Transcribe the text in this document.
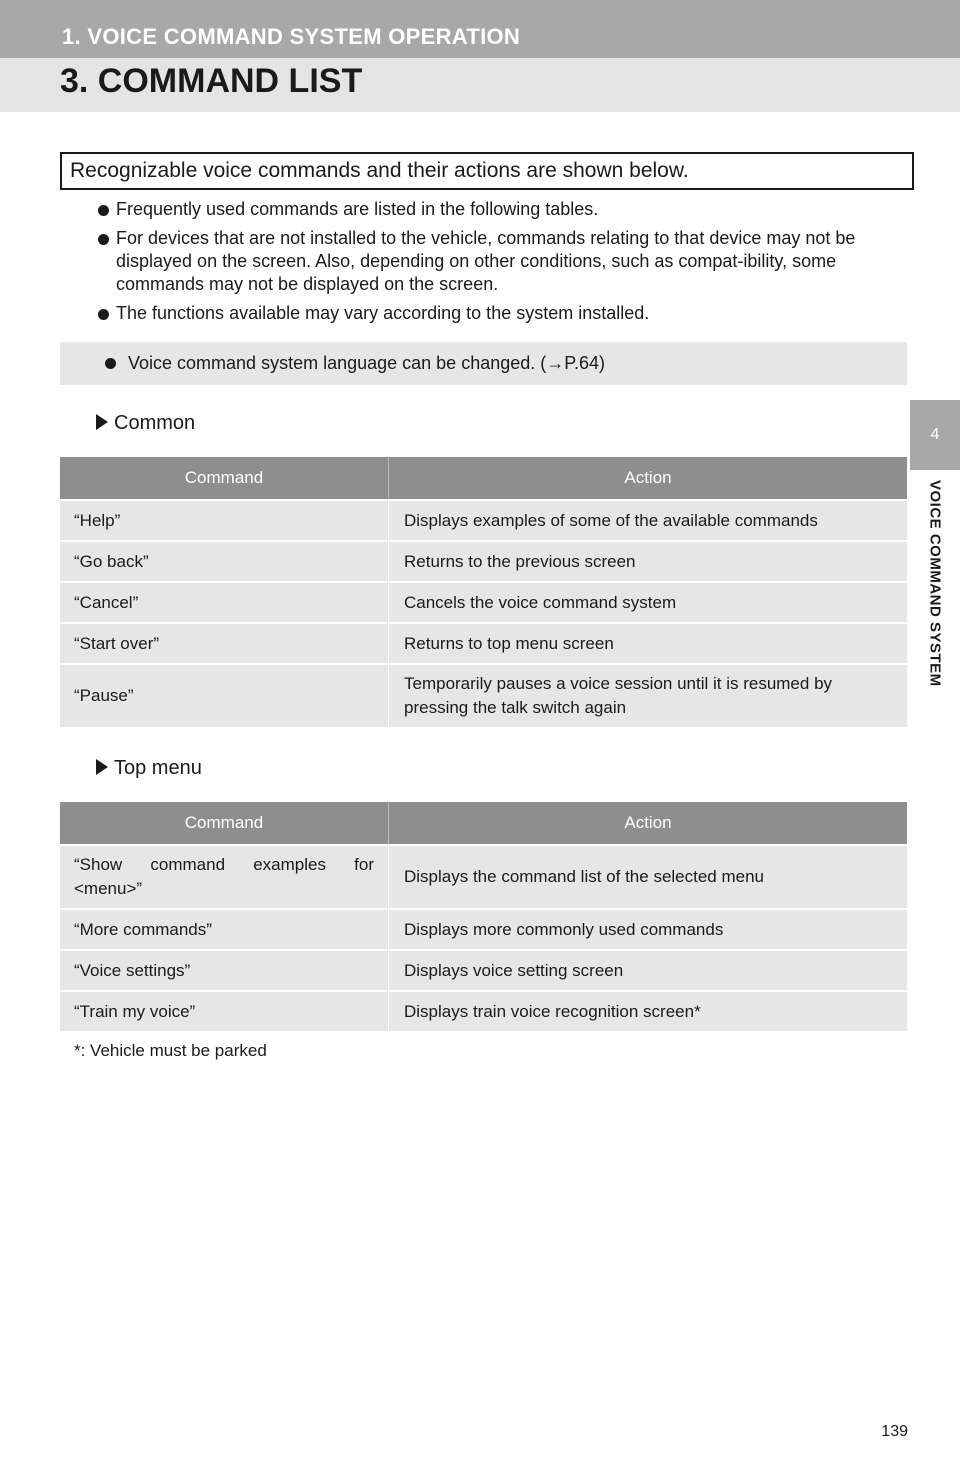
1. VOICE COMMAND SYSTEM OPERATION
3. COMMAND LIST
4
VOICE COMMAND SYSTEM
Recognizable voice commands and their actions are shown below.
Frequently used commands are listed in the following tables.
For devices that are not installed to the vehicle, commands relating to that device may not be displayed on the screen. Also, depending on other conditions, such as compat-ibility, some commands may not be displayed on the screen.
The functions available may vary according to the system installed.
Voice command system language can be changed. (→P.64)
Common
Command	Action
“Help”	Displays examples of some of the available commands
“Go back”	Returns to the previous screen
“Cancel”	Cancels the voice command system
“Start over”	Returns to top menu screen
“Pause”	Temporarily pauses a voice session until it is resumed by pressing the talk switch again
Top menu
Command	Action
“Show command examples for <menu>”	Displays the command list of the selected menu
“More commands”	Displays more commonly used commands
“Voice settings”	Displays voice setting screen
“Train my voice”	Displays train voice recognition screen*
*: Vehicle must be parked
139
